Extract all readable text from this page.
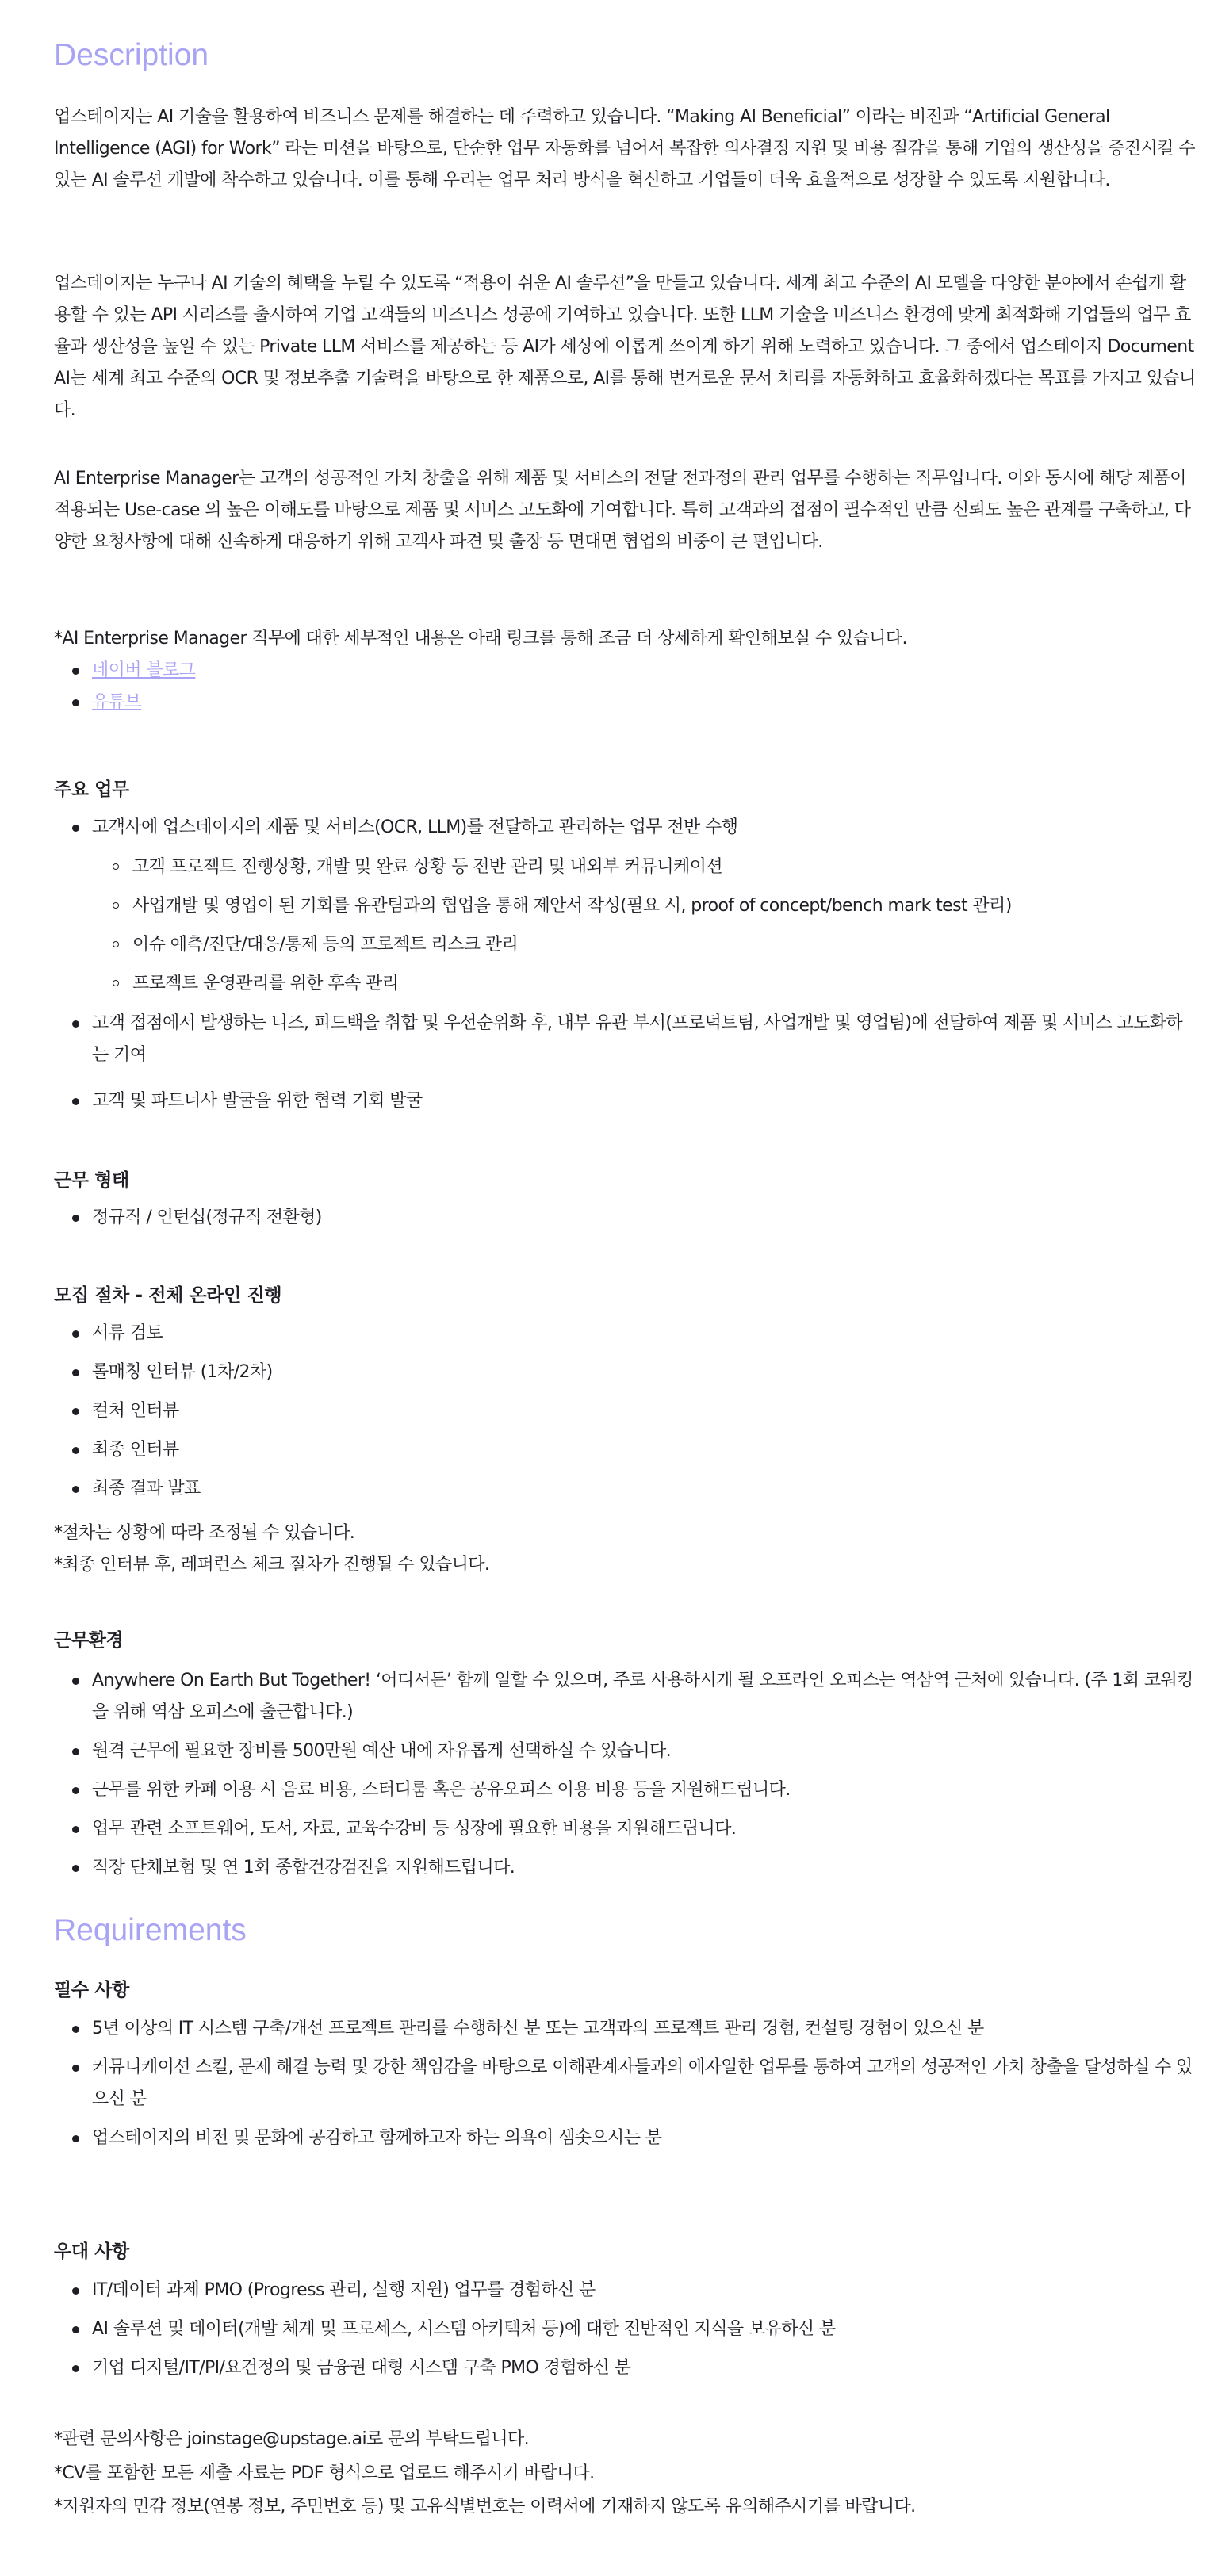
Description

업스테이지는 AI 기술을 활용하여 비즈니스 문제를 해결하는 데 주력하고 있습니다. “Making AI Beneficial” 이라는 비전과 “Artificial General Intelligence (AGI) for Work” 라는 미션을 바탕으로, 단순한 업무 자동화를 넘어서 복잡한 의사결정 지원 및 비용 절감을 통해 기업의 생산성을 증진시킬 수 있는 AI 솔루션 개발에 착수하고 있습니다. 이를 통해 우리는 업무 처리 방식을 혁신하고 기업들이 더욱 효율적으로 성장할 수 있도록 지원합니다.

업스테이지는 누구나 AI 기술의 혜택을 누릴 수 있도록 “적용이 쉬운 AI 솔루션”을 만들고 있습니다. 세계 최고 수준의 AI 모델을 다양한 분야에서 손쉽게 활용할 수 있는 API 시리즈를 출시하여 기업 고객들의 비즈니스 성공에 기여하고 있습니다. 또한 LLM 기술을 비즈니스 환경에 맞게 최적화해 기업들의 업무 효율과 생산성을 높일 수 있는 Private LLM 서비스를 제공하는 등 AI가 세상에 이롭게 쓰이게 하기 위해 노력하고 있습니다. 그 중에서 업스테이지 Document AI는 세계 최고 수준의 OCR 및 정보추출 기술력을 바탕으로 한 제품으로, AI를 통해 번거로운 문서 처리를 자동화하고 효율화하겠다는 목표를 가지고 있습니다.

AI Enterprise Manager는 고객의 성공적인 가치 창출을 위해 제품 및 서비스의 전달 전과정의 관리 업무를 수행하는 직무입니다. 이와 동시에 해당 제품이 적용되는 Use-case 의 높은 이해도를 바탕으로 제품 및 서비스 고도화에 기여합니다. 특히 고객과의 접점이 필수적인 만큼 신뢰도 높은 관계를 구축하고, 다양한 요청사항에 대해 신속하게 대응하기 위해 고객사 파견 및 출장 등 면대면 협업의 비중이 큰 편입니다.

*AI Enterprise Manager 직무에 대한 세부적인 내용은 아래 링크를 통해 조금 더 상세하게 확인해보실 수 있습니다.

네이버 블로그
유튜브
주요 업무
고객사에 업스테이지의 제품 및 서비스(OCR, LLM)를 전달하고 관리하는 업무 전반 수행
고객 프로젝트 진행상황, 개발 및 완료 상황 등 전반 관리 및 내외부 커뮤니케이션
사업개발 및 영업이 된 기회를 유관팀과의 협업을 통해 제안서 작성(필요 시, proof of concept/bench mark test 관리)
이슈 예측/진단/대응/통제 등의 프로젝트 리스크 관리
프로젝트 운영관리를 위한 후속 관리
고객 접점에서 발생하는 니즈, 피드백을 취합 및 우선순위화 후, 내부 유관 부서(프로덕트팀, 사업개발 및 영업팀)에 전달하여 제품 및 서비스 고도화하는 기여
고객 및 파트너사 발굴을 위한 협력 기회 발굴
근무 형태
정규직 / 인턴십(정규직 전환형)
모집 절차 - 전체 온라인 진행
서류 검토
롤매칭 인터뷰 (1차/2차)
컬처 인터뷰
최종 인터뷰
최종 결과 발표

*절차는 상황에 따라 조정될 수 있습니다.

*최종 인터뷰 후, 레퍼런스 체크 절차가 진행될 수 있습니다.

근무환경
Anywhere On Earth But Together! ‘어디서든’ 함께 일할 수 있으며, 주로 사용하시게 될 오프라인 오피스는 역삼역 근처에 있습니다. (주 1회 코워킹을 위해 역삼 오피스에 출근합니다.)
원격 근무에 필요한 장비를 500만원 예산 내에 자유롭게 선택하실 수 있습니다.
근무를 위한 카페 이용 시 음료 비용, 스터디룸 혹은 공유오피스 이용 비용 등을 지원해드립니다.
업무 관련 소프트웨어, 도서, 자료, 교육수강비 등 성장에 필요한 비용을 지원해드립니다.
직장 단체보험 및 연 1회 종합건강검진을 지원해드립니다.
Requirements
필수 사항
5년 이상의 IT 시스템 구축/개선 프로젝트 관리를 수행하신 분 또는 고객과의 프로젝트 관리 경험, 컨설팅 경험이 있으신 분
커뮤니케이션 스킬, 문제 해결 능력 및 강한 책임감을 바탕으로 이해관계자들과의 애자일한 업무를 통하여 고객의 성공적인 가치 창출을 달성하실 수 있으신 분
업스테이지의 비전 및 문화에 공감하고 함께하고자 하는 의욕이 샘솟으시는 분
우대 사항
IT/데이터 과제 PMO (Progress 관리, 실행 지원) 업무를 경험하신 분
AI 솔루션 및 데이터(개발 체계 및 프로세스, 시스템 아키텍처 등)에 대한 전반적인 지식을 보유하신 분
기업 디지털/IT/PI/요건정의 및 금융권 대형 시스템 구축 PMO 경험하신 분

*관련 문의사항은 joinstage@upstage.ai로 문의 부탁드립니다.

*CV를 포함한 모든 제출 자료는 PDF 형식으로 업로드 해주시기 바랍니다.

*지원자의 민감 정보(연봉 정보, 주민번호 등) 및 고유식별번호는 이력서에 기재하지 않도록 유의해주시기를 바랍니다.
